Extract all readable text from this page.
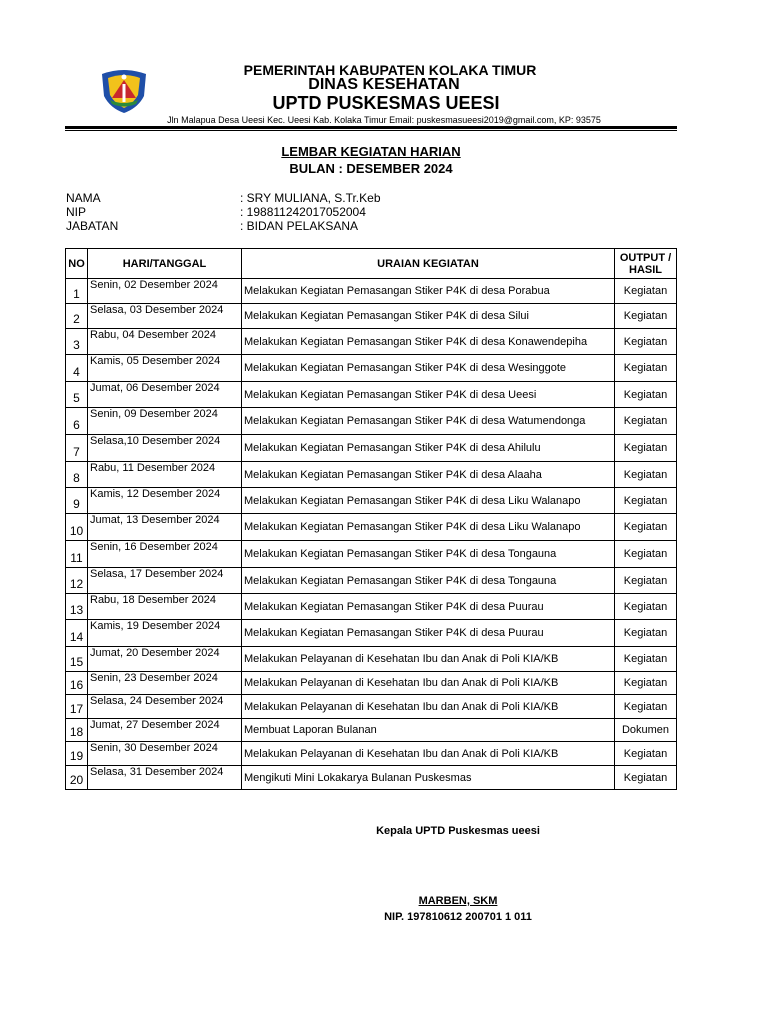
PEMERINTAH KABUPATEN KOLAKA TIMUR
DINAS KESEHATAN
UPTD PUSKESMAS UEESI
Jln Malapua Desa Ueesi Kec. Ueesi Kab. Kolaka Timur Email: puskesmasueesi2019@gmail.com, KP: 93575
LEMBAR KEGIATAN HARIAN
BULAN : DESEMBER 2024
NAMA	: SRY MULIANA, S.Tr.Keb
NIP	: 198811242017052004
JABATAN	: BIDAN PELAKSANA
NO	HARI/TANGGAL	URAIAN KEGIATAN	OUTPUT /
HASIL
1	Senin, 02 Desember 2024	Melakukan Kegiatan Pemasangan Stiker P4K di desa Porabua	Kegiatan
2	Selasa, 03 Desember 2024	Melakukan Kegiatan Pemasangan Stiker P4K di desa Silui	Kegiatan
3	Rabu, 04 Desember 2024	Melakukan Kegiatan Pemasangan Stiker P4K di desa Konawendepiha	Kegiatan
4	Kamis, 05 Desember 2024	Melakukan Kegiatan Pemasangan Stiker P4K di desa Wesinggote	Kegiatan
5	Jumat, 06 Desember 2024	Melakukan Kegiatan Pemasangan Stiker P4K di desa Ueesi	Kegiatan
6	Senin, 09 Desember 2024	Melakukan Kegiatan Pemasangan Stiker P4K di desa Watumendonga	Kegiatan
7	Selasa,10 Desember 2024	Melakukan Kegiatan Pemasangan Stiker P4K di desa Ahilulu	Kegiatan
8	Rabu, 11 Desember 2024	Melakukan Kegiatan Pemasangan Stiker P4K di desa Alaaha	Kegiatan
9	Kamis, 12 Desember 2024	Melakukan Kegiatan Pemasangan Stiker P4K di desa Liku Walanapo	Kegiatan
10	Jumat, 13 Desember 2024	Melakukan Kegiatan Pemasangan Stiker P4K di desa Liku Walanapo	Kegiatan
11	Senin, 16 Desember 2024	Melakukan Kegiatan Pemasangan Stiker P4K di desa Tongauna	Kegiatan
12	Selasa, 17 Desember 2024	Melakukan Kegiatan Pemasangan Stiker P4K di desa Tongauna	Kegiatan
13	Rabu, 18 Desember 2024	Melakukan Kegiatan Pemasangan Stiker P4K di desa Puurau	Kegiatan
14	Kamis, 19 Desember 2024	Melakukan Kegiatan Pemasangan Stiker P4K di desa Puurau	Kegiatan
15	Jumat, 20 Desember 2024	Melakukan Pelayanan di Kesehatan Ibu dan Anak di Poli KIA/KB	Kegiatan
16	Senin, 23 Desember 2024	Melakukan Pelayanan di Kesehatan Ibu dan Anak di Poli KIA/KB	Kegiatan
17	Selasa, 24 Desember 2024	Melakukan Pelayanan di Kesehatan Ibu dan Anak di Poli KIA/KB	Kegiatan
18	Jumat, 27 Desember 2024	Membuat Laporan Bulanan	Dokumen
19	Senin, 30 Desember 2024	Melakukan Pelayanan di Kesehatan Ibu dan Anak di Poli KIA/KB	Kegiatan
20	Selasa, 31 Desember 2024	Mengikuti Mini Lokakarya Bulanan Puskesmas	Kegiatan
Kepala UPTD Puskesmas ueesi
MARBEN, SKM
NIP. 197810612 200701 1 011
